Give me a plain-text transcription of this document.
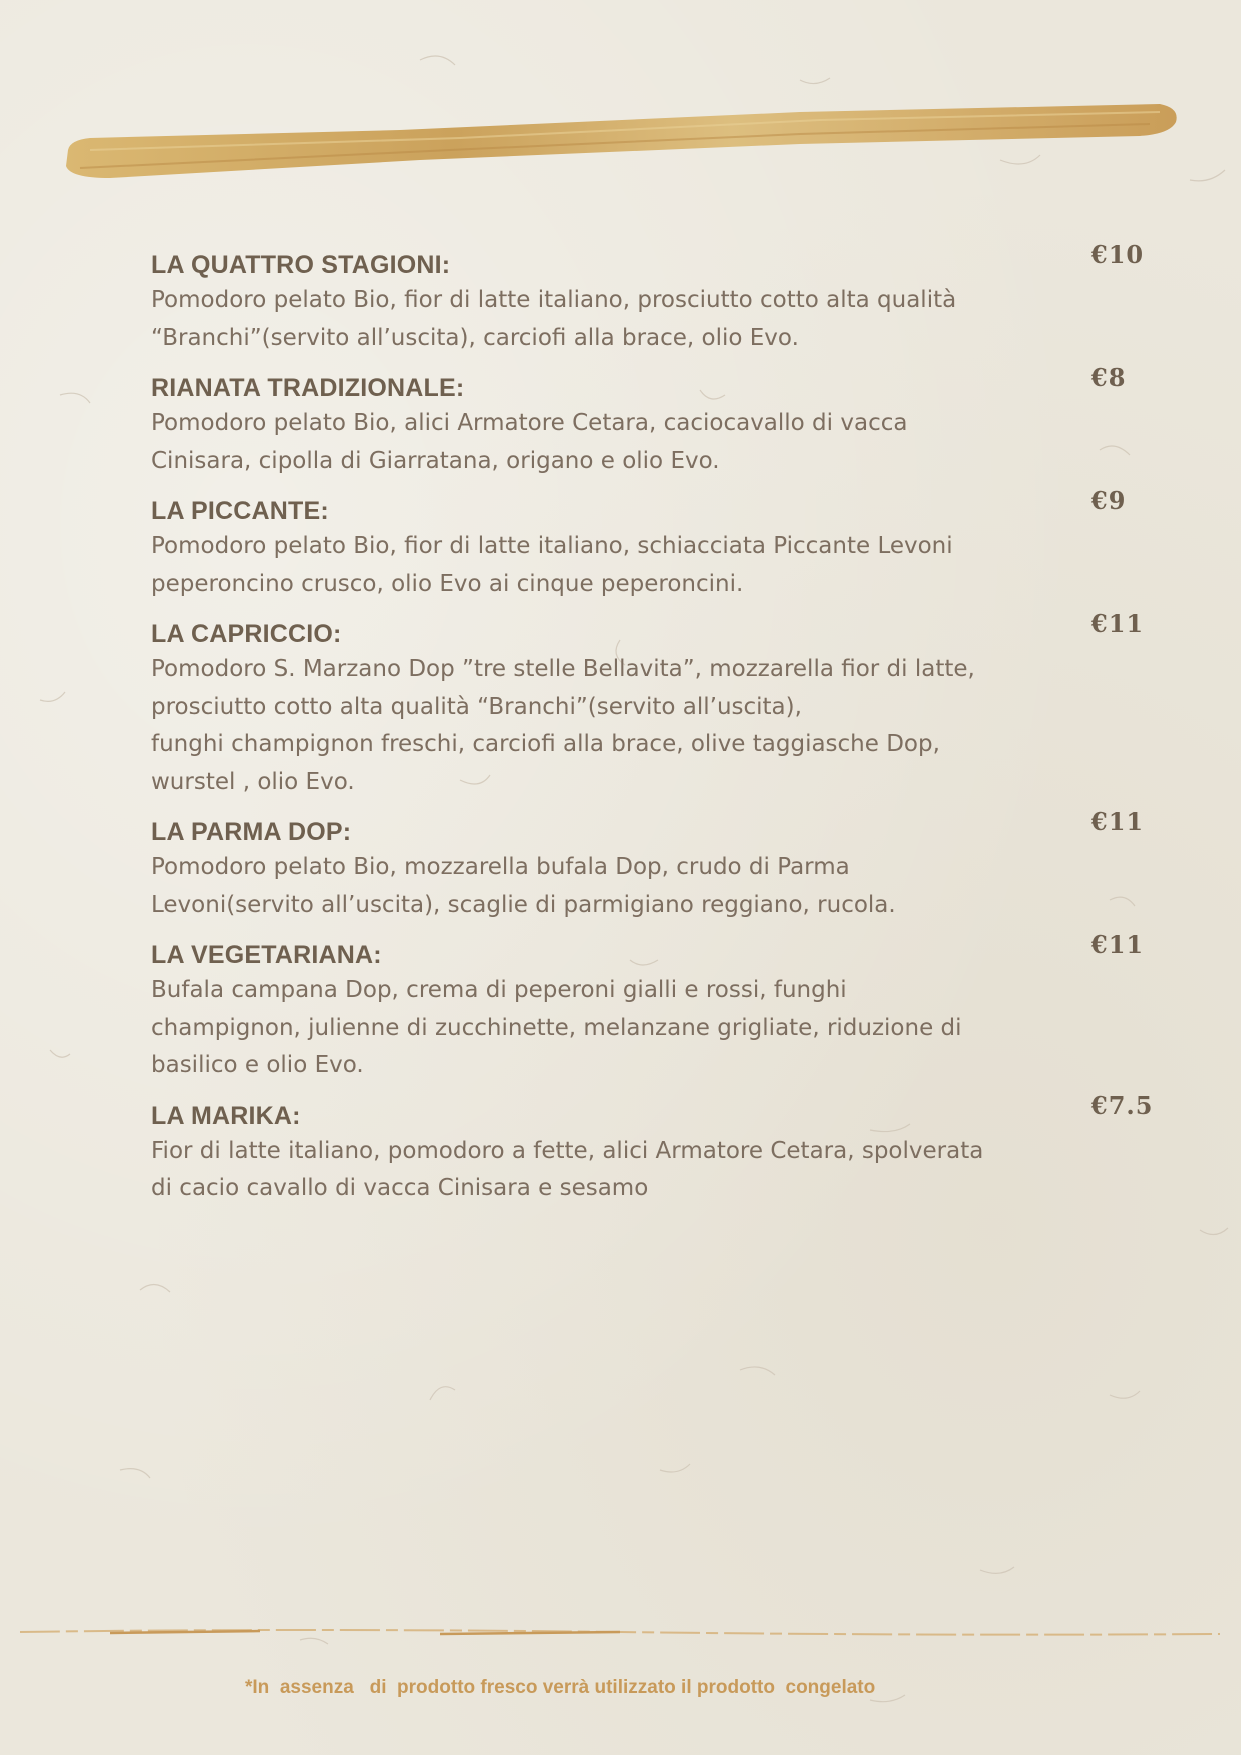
LA QUATTRO STAGIONI:	€10
Pomodoro pelato Bio, fior di latte italiano, prosciutto cotto alta qualità
“Branchi”(servito all’uscita), carciofi alla brace, olio Evo.
RIANATA TRADIZIONALE:	€8
Pomodoro pelato Bio, alici Armatore Cetara, caciocavallo di vacca
Cinisara, cipolla di Giarratana, origano e olio Evo.
LA PICCANTE:	€9
Pomodoro pelato Bio, fior di latte italiano, schiacciata Piccante Levoni
peperoncino crusco, olio Evo ai cinque peperoncini.
LA CAPRICCIO:	€11
Pomodoro S. Marzano Dop ”tre stelle Bellavita”, mozzarella fior di latte,
prosciutto cotto alta qualità “Branchi”(servito all’uscita),
funghi champignon freschi, carciofi alla brace, olive taggiasche Dop,
wurstel , olio Evo.
LA PARMA DOP:	€11
Pomodoro pelato Bio, mozzarella bufala Dop, crudo di Parma
Levoni(servito all’uscita), scaglie di parmigiano reggiano, rucola.
LA VEGETARIANA:	€11
Bufala campana Dop, crema di peperoni gialli e rossi, funghi
champignon, julienne di zucchinette, melanzane grigliate, riduzione di
basilico e olio Evo.
LA MARIKA:	€7.5
Fior di latte italiano, pomodoro a fette, alici Armatore Cetara, spolverata
di cacio cavallo di vacca Cinisara e sesamo
*In  assenza   di  prodotto fresco verrà utilizzato il prodotto  congelato
